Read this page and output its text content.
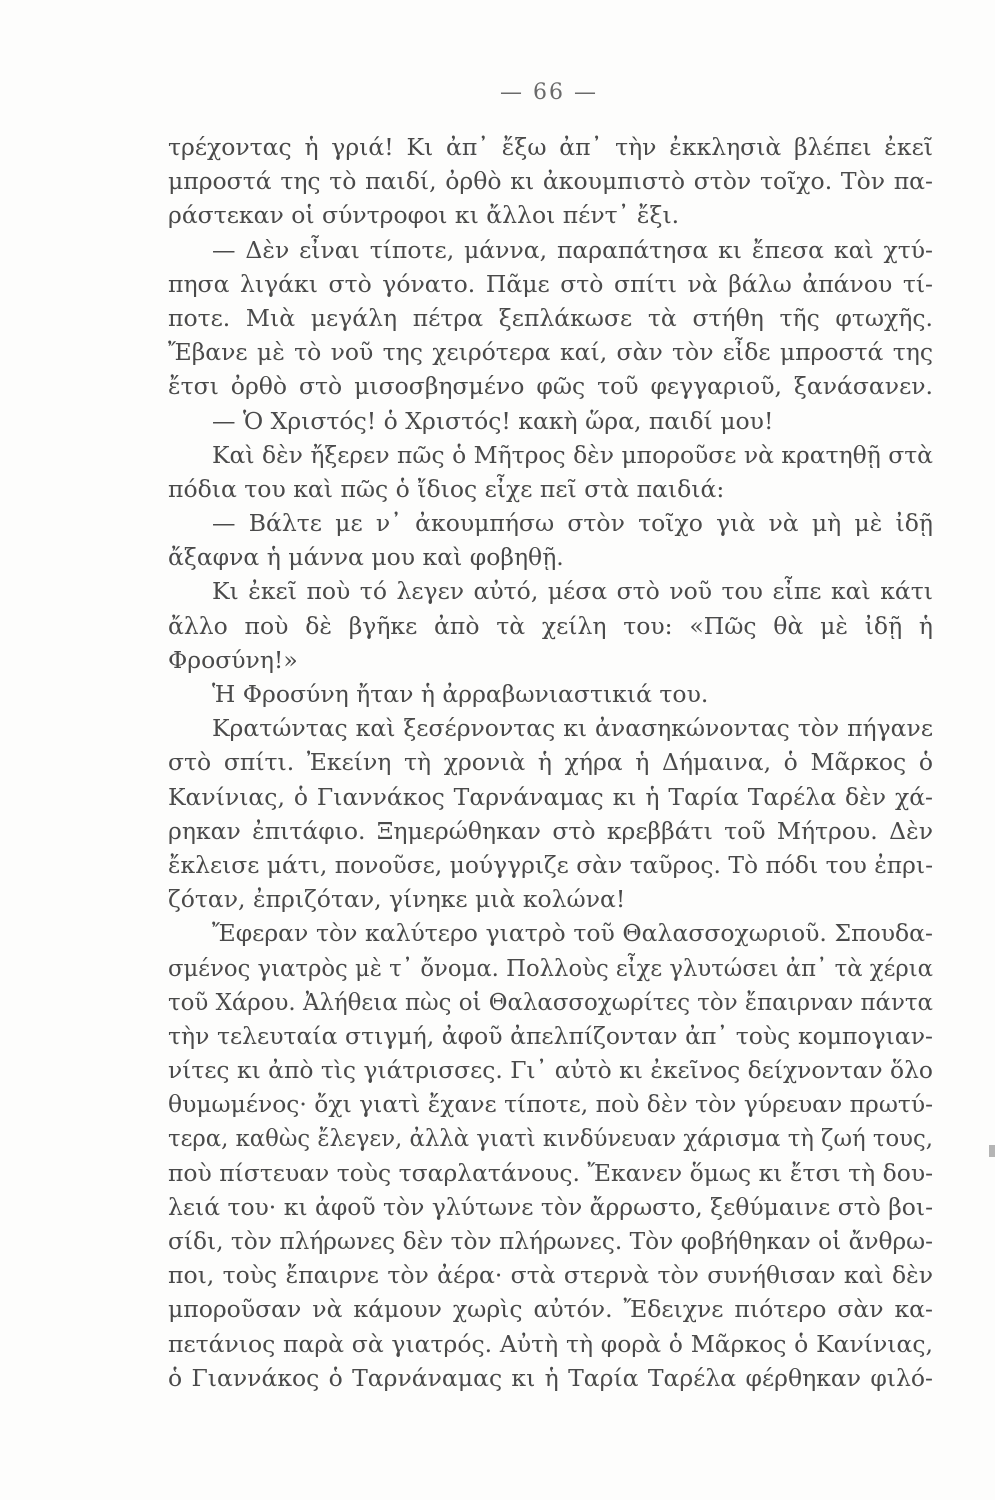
— 66 —
τρέχοντας ἡ γριά! Κι ἀπ᾽ ἔξω ἀπ᾽ τὴν ἐκκλησιὰ βλέπει ἐκεῖ
μπροστά της τὸ παιδί, ὀρθὸ κι ἀκουμπιστὸ στὸν τοῖχο. Τὸν πα-
ράστεκαν οἱ σύντροφοι κι ἄλλοι πέντ᾽ ἔξι.
— Δὲν εἶναι τίποτε, μάννα, παραπάτησα κι ἔπεσα καὶ χτύ-
πησα λιγάκι στὸ γόνατο. Πᾶμε στὸ σπίτι νὰ βάλω ἀπάνου τί-
ποτε. Μιὰ μεγάλη πέτρα ξεπλάκωσε τὰ στήθη τῆς φτωχῆς.
Ἔβανε μὲ τὸ νοῦ της χειρότερα καί, σὰν τὸν εἶδε μπροστά της
ἔτσι ὀρθὸ στὸ μισοσβησμένο φῶς τοῦ φεγγαριοῦ, ξανάσανεν.
— Ὁ Χριστός! ὁ Χριστός! κακὴ ὥρα, παιδί μου!
Καὶ δὲν ἤξερεν πῶς ὁ Μῆτρος δὲν μποροῦσε νὰ κρατηθῇ στὰ
πόδια του καὶ πῶς ὁ ἴδιος εἶχε πεῖ στὰ παιδιά:
— Βάλτε με ν᾽ ἀκουμπήσω στὸν τοῖχο γιὰ νὰ μὴ μὲ ἰδῇ
ἄξαφνα ἡ μάννα μου καὶ φοβηθῇ.
Κι ἐκεῖ ποὺ τό λεγεν αὐτό, μέσα στὸ νοῦ του εἶπε καὶ κάτι
ἄλλο ποὺ δὲ βγῆκε ἀπὸ τὰ χείλη του: «Πῶς θὰ μὲ ἰδῇ ἡ
Φροσύνη!»
Ἡ Φροσύνη ἤταν ἡ ἀρραβωνιαστικιά του.
Κρατώντας καὶ ξεσέρνοντας κι ἀνασηκώνοντας τὸν πήγανε
στὸ σπίτι. Ἐκείνη τὴ χρονιὰ ἡ χήρα ἡ Δήμαινα, ὁ Μᾶρκος ὁ
Κανίνιας, ὁ Γιαννάκος Ταρνάναμας κι ἡ Ταρία Ταρέλα δὲν χά-
ρηκαν ἐπιτάφιο. Ξημερώθηκαν στὸ κρεββάτι τοῦ Μήτρου. Δὲν
ἔκλεισε μάτι, πονοῦσε, μούγγριζε σὰν ταῦρος. Τὸ πόδι του ἐπρι-
ζόταν, ἐπριζόταν, γίνηκε μιὰ κολώνα!
Ἔφεραν τὸν καλύτερο γιατρὸ τοῦ Θαλασσοχωριοῦ. Σπουδα-
σμένος γιατρὸς μὲ τ᾽ ὄνομα. Πολλοὺς εἶχε γλυτώσει ἀπ᾽ τὰ χέρια
τοῦ Χάρου. Ἀλήθεια πὼς οἱ Θαλασσοχωρίτες τὸν ἔπαιρναν πάντα
τὴν τελευταία στιγμή, ἀφοῦ ἀπελπίζονταν ἀπ᾽ τοὺς κομπογιαν-
νίτες κι ἀπὸ τὶς γιάτρισσες. Γι᾽ αὐτὸ κι ἐκεῖνος δείχνονταν ὅλο
θυμωμένος· ὄχι γιατὶ ἔχανε τίποτε, ποὺ δὲν τὸν γύρευαν πρωτύ-
τερα, καθὼς ἔλεγεν, ἀλλὰ γιατὶ κινδύνευαν χάρισμα τὴ ζωή τους,
ποὺ πίστευαν τοὺς τσαρλατάνους. Ἔκανεν ὅμως κι ἔτσι τὴ δου-
λειά του· κι ἀφοῦ τὸν γλύτωνε τὸν ἄρρωστο, ξεθύμαινε στὸ βοι-
σίδι, τὸν πλήρωνες δὲν τὸν πλήρωνες. Τὸν φοβήθηκαν οἱ ἄνθρω-
ποι, τοὺς ἔπαιρνε τὸν ἀέρα· στὰ στερνὰ τὸν συνήθισαν καὶ δὲν
μποροῦσαν νὰ κάμουν χωρὶς αὐτόν. Ἔδειχνε πιότερο σὰν κα-
πετάνιος παρὰ σὰ γιατρός. Αὐτὴ τὴ φορὰ ὁ Μᾶρκος ὁ Κανίνιας,
ὁ Γιαννάκος ὁ Ταρνάναμας κι ἡ Ταρία Ταρέλα φέρθηκαν φιλό-
